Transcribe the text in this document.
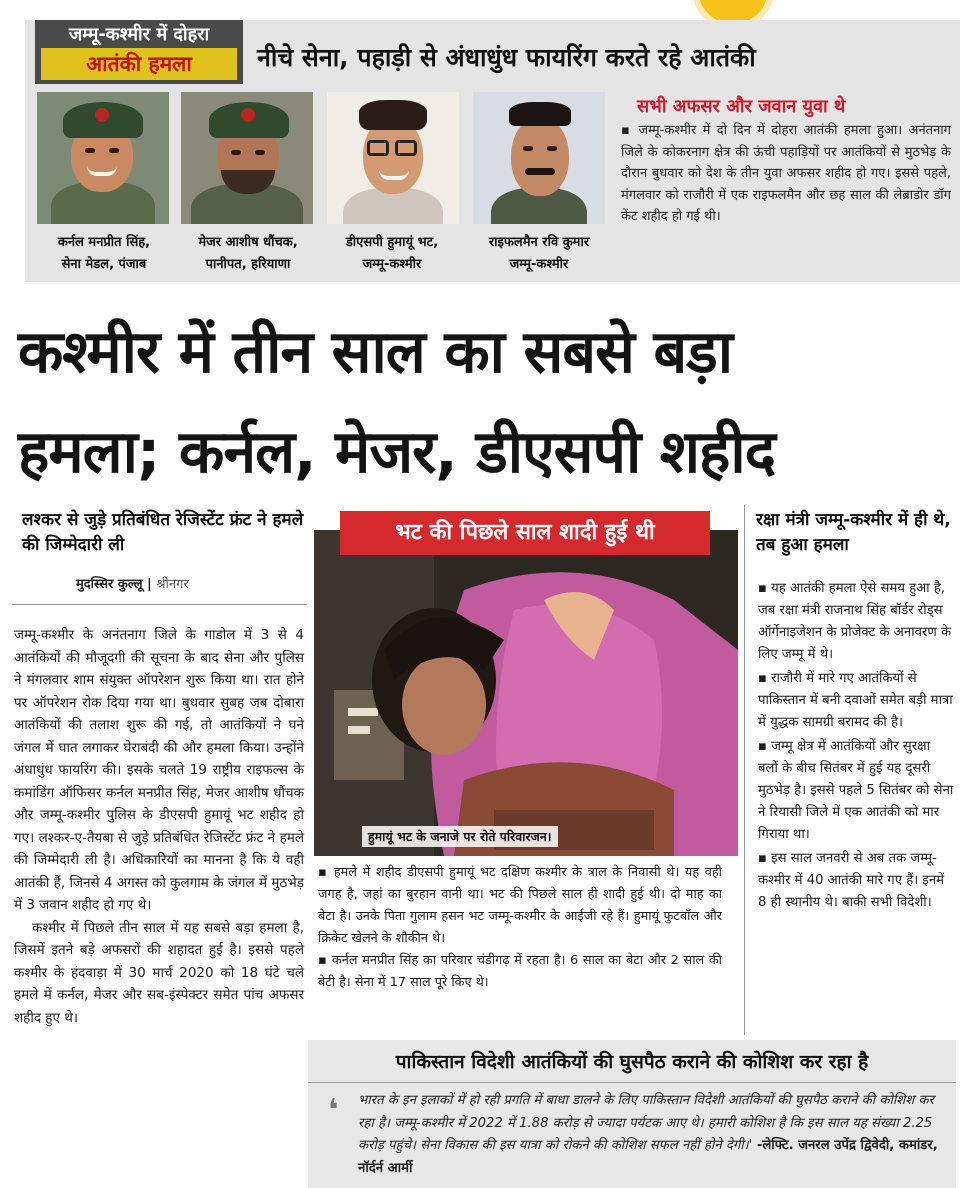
जम्मू-कश्मीर में दोहरा
आतंकी हमला	नीचे सेना, पहाड़ी से अंधाधुंध फायरिंग करते रहे आतंकी
कर्नल मनप्रीत सिंह,
सेना मेडल, पंजाब
मेजर आशीष धौंचक,
पानीपत, हरियाणा
डीएसपी हुमायूं भट,
जम्मू-कश्मीर
राइफलमैन रवि कुमार
जम्मू-कश्मीर
सभी अफसर और जवान युवा थे
▪ जम्मू-कश्मीर में दो दिन में दोहरा आतंकी हमला हुआ। अनंतनाग जिले के कोकरनाग क्षेत्र की ऊंची पहाड़ियों पर आतंकियों से मुठभेड़ के दौरान बुधवार को देश के तीन युवा अफसर शहीद हो गए। इससे पहले, मंगलवार को राजौरी में एक राइफलमैन और छह साल की लेब्राडोर डॉग केंट शहीद हो गई थी।
कश्मीर में तीन साल का सबसे बड़ा
हमला; कर्नल, मेजर, डीएसपी शहीद
लश्कर से जुड़े प्रतिबंधित रेजिस्टेंट फ्रंट ने हमले की जिम्मेदारी ली
मुदस्सिर कुल्लू | श्रीनगर

जम्मू-कश्मीर के अनंतनाग जिले के गाडोल में 3 से 4 आतंकियों की मौजूदगी की सूचना के बाद सेना और पुलिस ने मंगलवार शाम संयुक्त ऑपरेशन शुरू किया था। रात होने पर ऑपरेशन रोक दिया गया था। बुधवार सुबह जब दोबारा आतंकियों की तलाश शुरू की गई, तो आतंकियों ने घने जंगल में घात लगाकर घेराबंदी की और हमला किया। उन्होंने अंधाधुंध फायरिंग की। इसके चलते 19 राष्ट्रीय राइफल्स के कमांडिंग ऑफिसर कर्नल मनप्रीत सिंह, मेजर आशीष धौंचक और जम्मू-कश्मीर पुलिस के डीएसपी हुमायूं भट शहीद हो गए। लश्कर-ए-तैयबा से जुड़े प्रतिबंधित रेजिस्टेंट फ्रंट ने हमले की जिम्मेदारी ली है। अधिकारियों का मानना है कि ये वही आतंकी हैं, जिनसे 4 अगस्त को कुलगाम के जंगल में मुठभेड़ में 3 जवान शहीद हो गए थे।

कश्मीर में पिछले तीन साल में यह सबसे बड़ा हमला है, जिसमें इतने बड़े अफसरों की शहादत हुई है। इससे पहले कश्मीर के हंदवाड़ा में 30 मार्च 2020 को 18 घंटे चले हमले में कर्नल, मेजर और सब-इंस्पेक्टर समेत पांच अफसर शहीद हुए थे।

भट की पिछले साल शादी हुई थी
हुमायूं भट के जनाजे पर रोते परिवारजन।

▪ हमले में शहीद डीएसपी हुमायूं भट दक्षिण कश्मीर के त्राल के निवासी थे। यह वही जगह है, जहां का बुरहान वानी था। भट की पिछले साल ही शादी हुई थी। दो माह का बेटा है। उनके पिता गुलाम हसन भट जम्मू-कश्मीर के आईजी रहे हैं। हुमायूं फुटबॉल और क्रिकेट खेलने के शौकीन थे।

▪ कर्नल मनप्रीत सिंह का परिवार चंडीगढ़ में रहता है। 6 साल का बेटा और 2 साल की बेटी है। सेना में 17 साल पूरे किए थे।

रक्षा मंत्री जम्मू-कश्मीर में ही थे, तब हुआ हमला

▪ यह आतंकी हमला ऐसे समय हुआ है, जब रक्षा मंत्री राजनाथ सिंह बॉर्डर रोड्स ऑर्गेनाइजेशन के प्रोजेक्ट के अनावरण के लिए जम्मू में थे।

▪ राजौरी में मारे गए आतंकियों से पाकिस्तान में बनी दवाओं समेत बड़ी मात्रा में युद्धक सामग्री बरामद की है।

▪ जम्मू क्षेत्र में आतंकियों और सुरक्षा बलों के बीच सितंबर में हुई यह दूसरी मुठभेड़ है। इससे पहले 5 सितंबर को सेना ने रियासी जिले में एक आतंकी को मार गिराया था।

▪ इस साल जनवरी से अब तक जम्मू-कश्मीर में 40 आतंकी मारे गए हैं। इनमें 8 ही स्थानीय थे। बाकी सभी विदेशी।

पाकिस्तान विदेशी आतंकियों की घुसपैठ कराने की कोशिश कर रहा है
❛ भारत के इन इलाकों में हो रही प्रगति में बाधा डालने के लिए पाकिस्तान विदेशी आतंकियों की घुसपैठ कराने की कोशिश कर रहा है। जम्मू-कश्मीर में 2022 में 1.88 करोड़ से ज्यादा पर्यटक आए थे। हमारी कोशिश है कि इस साल यह संख्या 2.25 करोड़ पहुंचे। सेना विकास की इस यात्रा को रोकने की कोशिश सफल नहीं होने देगी।' -लेफ्टि. जनरल उपेंद्र द्विवेदी, कमांडर, नॉर्दर्न आर्मी
